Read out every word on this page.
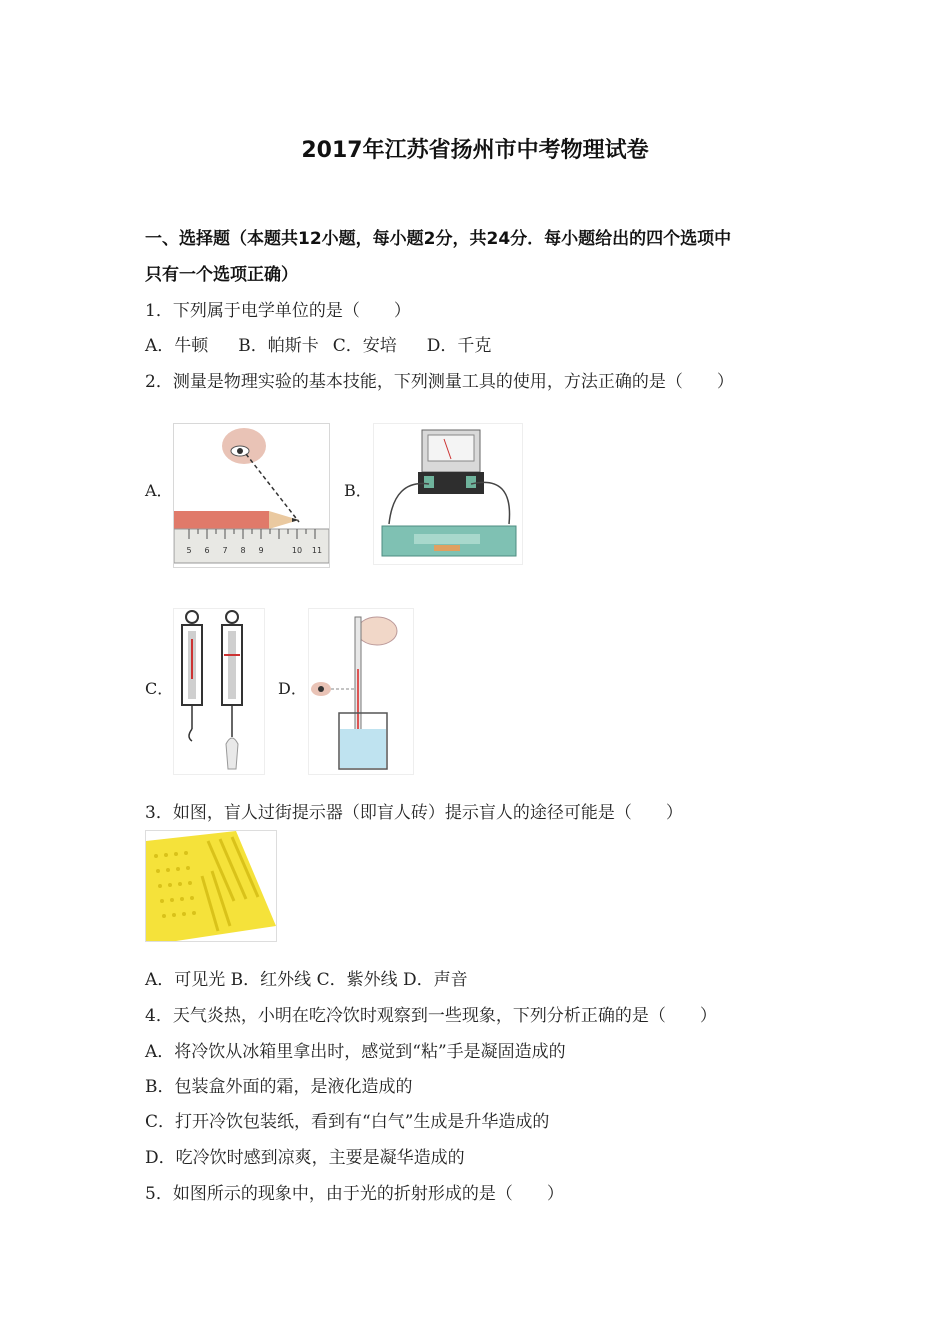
2017年江苏省扬州市中考物理试卷
一、选择题（本题共12小题，每小题2分，共24分．每小题给出的四个选项中
只有一个选项正确）
1．下列属于电学单位的是（　　）
A．牛顿 B．帕斯卡 C．安培 D．千克
2．测量是物理实验的基本技能，下列测量工具的使用，方法正确的是（　　）
A．
5 6 7 8 9	10 11
B．
C．	D．
3．如图，盲人过街提示器（即盲人砖）提示盲人的途径可能是（　　）
A．可见光 B．红外线 C．紫外线 D．声音
4．天气炎热，小明在吃冷饮时观察到一些现象，下列分析正确的是（　　）
A．将冷饮从冰箱里拿出时，感觉到“粘”手是凝固造成的
B．包装盒外面的霜，是液化造成的
C．打开冷饮包装纸，看到有“白气”生成是升华造成的
D．吃冷饮时感到凉爽，主要是凝华造成的
5．如图所示的现象中，由于光的折射形成的是（　　）
